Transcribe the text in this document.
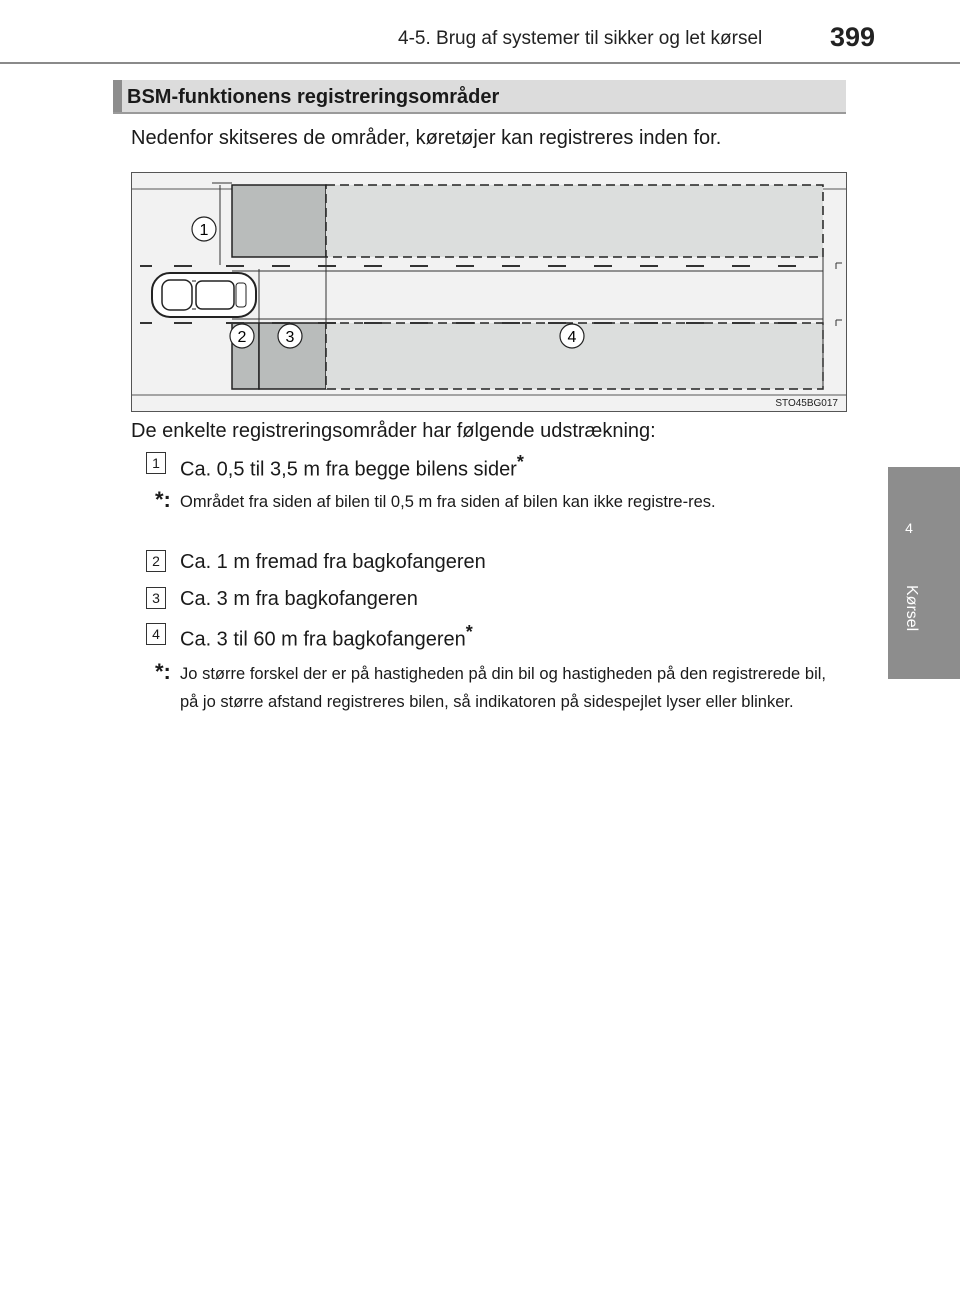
4-5. Brug af systemer til sikker og let kørsel	399
4
Kørsel
BSM-funktionens registreringsområder
Nedenfor skitseres de områder, køretøjer kan registreres inden for.
1
2 3	4
STO45BG017
De enkelte registreringsområder har følgende udstrækning:
1	Ca. 0,5 til 3,5 m fra begge bilens sider*
*: Området fra siden af bilen til 0,5 m fra siden af bilen kan ikke registre-res.
2	Ca. 1 m fremad fra bagkofangeren
3	Ca. 3 m fra bagkofangeren
4	Ca. 3 til 60 m fra bagkofangeren*
*: Jo større forskel der er på hastigheden på din bil og hastigheden på den registrerede bil, på jo større afstand registreres bilen, så indikatoren på sidespejlet lyser eller blinker.
